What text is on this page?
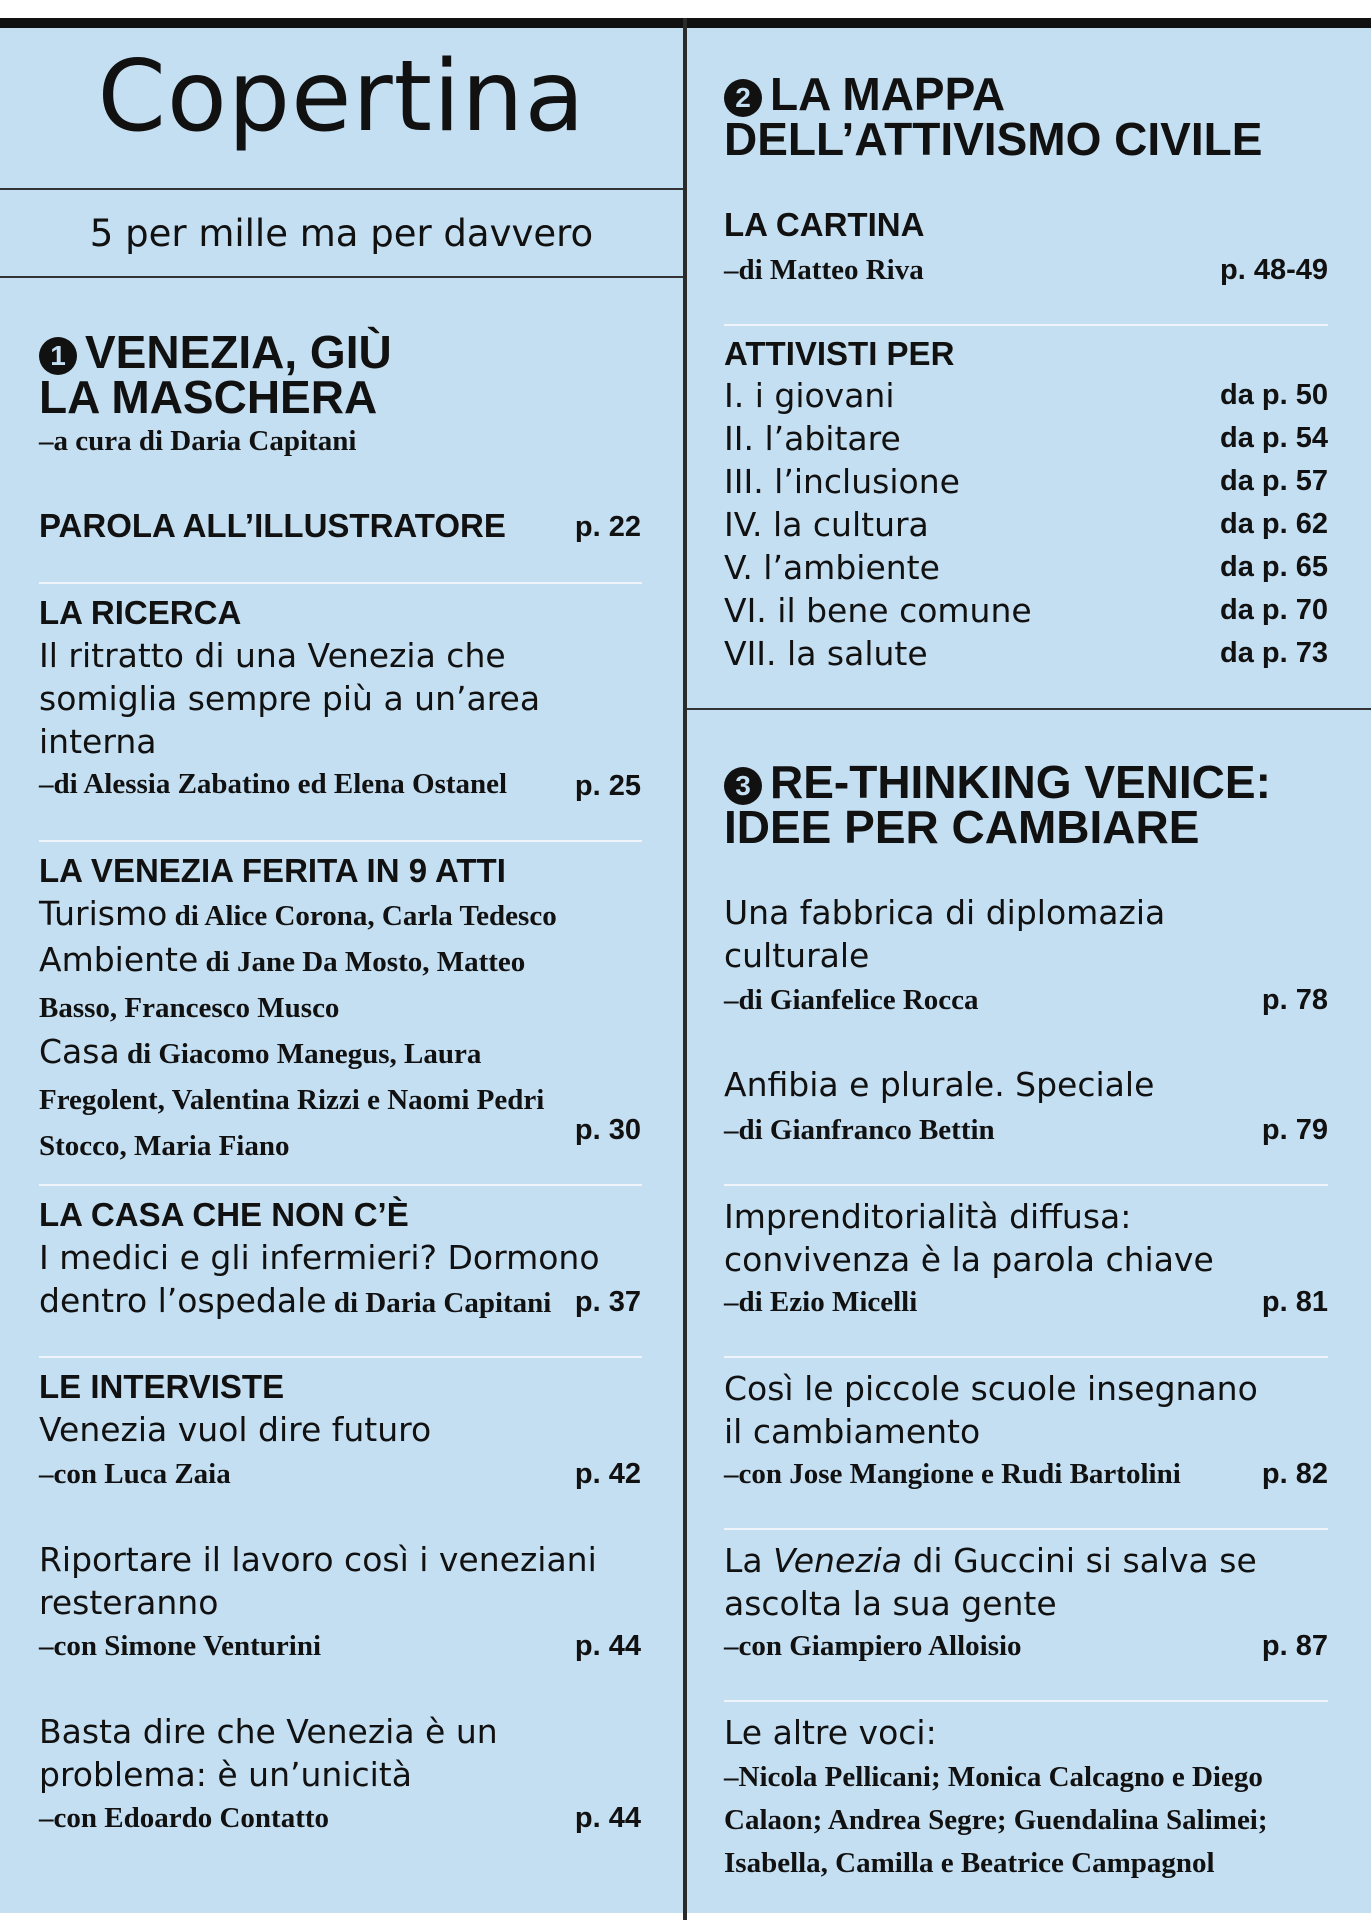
Copertina
5 per mille ma per davvero
1 VENEZIA, GIÙ
LA MASCHERA
–a cura di Daria Capitani
PAROLA ALL’ILLUSTRATORE p. 22
LA RICERCA
Il ritratto di una Venezia che
somiglia sempre più a un’area
interna
–di Alessia Zabatino ed Elena Ostanel p. 25
LA VENEZIA FERITA IN 9 ATTI
Turismo di Alice Corona, Carla Tedesco
Ambiente di Jane Da Mosto, Matteo
Basso, Francesco Musco
Casa di Giacomo Manegus, Laura
Fregolent, Valentina Rizzi e Naomi Pedri
Stocco, Maria Fiano	p. 30
LA CASA CHE NON C’È
I medici e gli infermieri? Dormono
dentro l’ospedale di Daria Capitani p. 37
LE INTERVISTE
Venezia vuol dire futuro
–con Luca Zaia	p. 42
Riportare il lavoro così i veneziani
resteranno
–con Simone Venturini	p. 44
Basta dire che Venezia è un
problema: è un’unicità
–con Edoardo Contatto	p. 44
2 LA MAPPA
DELL’ATTIVISMO CIVILE
LA CARTINA
–di Matteo Riva	p. 48-49
ATTIVISTI PER
I. i giovani	da p. 50
II. l’abitare	da p. 54
III. l’inclusione	da p. 57
IV. la cultura	da p. 62
V. l’ambiente	da p. 65
VI. il bene comune	da p. 70
VII. la salute	da p. 73
3 RE-THINKING VENICE:
IDEE PER CAMBIARE
Una fabbrica di diplomazia
culturale
–di Gianfelice Rocca	p. 78
Anfibia e plurale. Speciale
–di Gianfranco Bettin	p. 79
Imprenditorialità diffusa:
convivenza è la parola chiave
–di Ezio Micelli	p. 81
Così le piccole scuole insegnano
il cambiamento
–con Jose Mangione e Rudi Bartolini	p. 82
La Venezia di Guccini si salva se
ascolta la sua gente
–con Giampiero Alloisio	p. 87
Le altre voci:
–Nicola Pellicani; Monica Calcagno e Diego
Calaon; Andrea Segre; Guendalina Salimei;
Isabella, Camilla e Beatrice Campagnol
